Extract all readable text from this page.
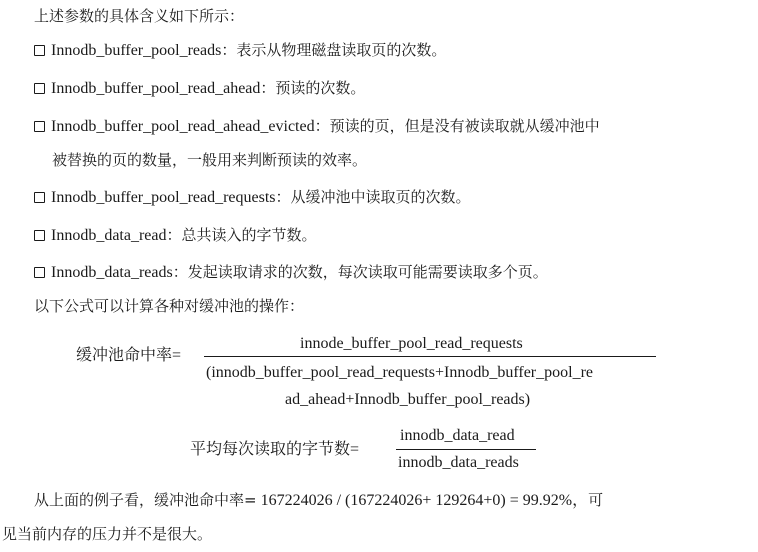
上述参数的具体含义如下所示：
Innodb_buffer_pool_reads：表示从物理磁盘读取页的次数。
Innodb_buffer_pool_read_ahead：预读的次数。
Innodb_buffer_pool_read_ahead_evicted：预读的页，但是没有被读取就从缓冲池中
被替换的页的数量，一般用来判断预读的效率。
Innodb_buffer_pool_read_requests：从缓冲池中读取页的次数。
Innodb_data_read：总共读入的字节数。
Innodb_data_reads：发起读取请求的次数，每次读取可能需要读取多个页。
以下公式可以计算各种对缓冲池的操作：
缓冲池命中率=
innode_buffer_pool_read_requests
(innodb_buffer_pool_read_requests+Innodb_buffer_pool_re
ad_ahead+Innodb_buffer_pool_reads)
平均每次读取的字节数=
innodb_data_read
innodb_data_reads
从上面的例子看，缓冲池命中率= 167224026 / (167224026+ 129264+0) = 99.92%，可
见当前内存的压力并不是很大。
